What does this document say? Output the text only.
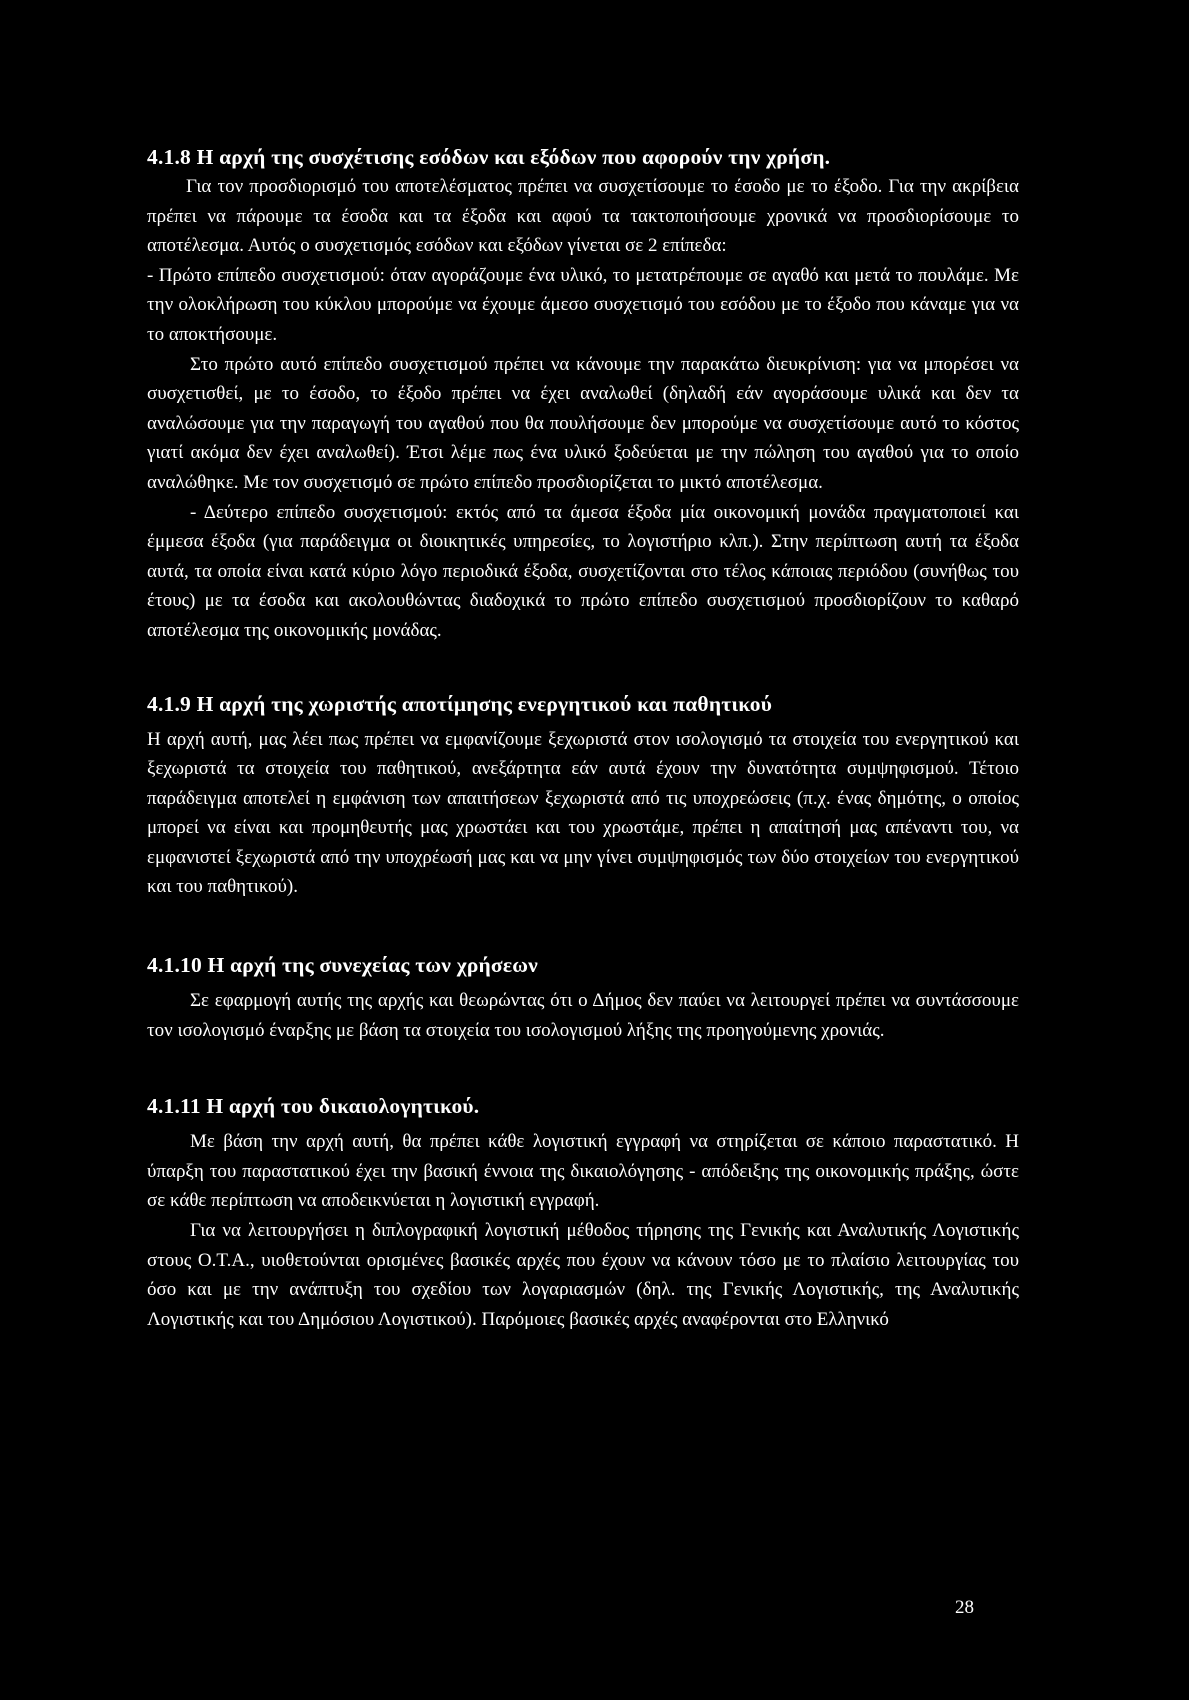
4.1.8 Η αρχή της συσχέτισης εσόδων και εξόδων που αφορούν την χρήση.

Για τον προσδιορισμό του αποτελέσματος πρέπει να συσχετίσουμε το έσοδο με το έξοδο. Για την ακρίβεια πρέπει να πάρουμε τα έσοδα και τα έξοδα και αφού τα τακτοποιήσουμε χρονικά να προσδιορίσουμε το αποτέλεσμα. Αυτός ο συσχετισμός εσόδων και εξόδων γίνεται σε 2 επίπεδα:

- Πρώτο επίπεδο συσχετισμού: όταν αγοράζουμε ένα υλικό, το μετατρέπουμε σε αγαθό και μετά το πουλάμε. Με την ολοκλήρωση του κύκλου μπορούμε να έχουμε άμεσο συσχετισμό του εσόδου με το έξοδο που κάναμε για να το αποκτήσουμε.

Στο πρώτο αυτό επίπεδο συσχετισμού πρέπει να κάνουμε την παρακάτω διευκρίνιση: για να μπορέσει να συσχετισθεί, με το έσοδο, το έξοδο πρέπει να έχει αναλωθεί (δηλαδή εάν αγοράσουμε υλικά και δεν τα αναλώσουμε για την παραγωγή του αγαθού που θα πουλήσουμε δεν μπορούμε να συσχετίσουμε αυτό το κόστος γιατί ακόμα δεν έχει αναλωθεί). Έτσι λέμε πως ένα υλικό ξοδεύεται με την πώληση του αγαθού για το οποίο αναλώθηκε. Με τον συσχετισμό σε πρώτο επίπεδο προσδιορίζεται το μικτό αποτέλεσμα.

- Δεύτερο επίπεδο συσχετισμού: εκτός από τα άμεσα έξοδα μία οικονομική μονάδα πραγματοποιεί και έμμεσα έξοδα (για παράδειγμα οι διοικητικές υπηρεσίες, το λογιστήριο κλπ.). Στην περίπτωση αυτή τα έξοδα αυτά, τα οποία είναι κατά κύριο λόγο περιοδικά έξοδα, συσχετίζονται στο τέλος κάποιας περιόδου (συνήθως του έτους) με τα έσοδα και ακολουθώντας διαδοχικά το πρώτο επίπεδο συσχετισμού προσδιορίζουν το καθαρό αποτέλεσμα της οικονομικής μονάδας.

4.1.9 Η αρχή της χωριστής αποτίμησης ενεργητικού και παθητικού

Η αρχή αυτή, μας λέει πως πρέπει να εμφανίζουμε ξεχωριστά στον ισολογισμό τα στοιχεία του ενεργητικού και ξεχωριστά τα στοιχεία του παθητικού, ανεξάρτητα εάν αυτά έχουν την δυνατότητα συμψηφισμού. Τέτοιο παράδειγμα αποτελεί η εμφάνιση των απαιτήσεων ξεχωριστά από τις υποχρεώσεις (π.χ. ένας δημότης, ο οποίος μπορεί να είναι και προμηθευτής μας χρωστάει και του χρωστάμε, πρέπει η απαίτησή μας απέναντι του, να εμφανιστεί ξεχωριστά από την υποχρέωσή μας και να μην γίνει συμψηφισμός των δύο στοιχείων του ενεργητικού και του παθητικού).

4.1.10 Η αρχή της συνεχείας των χρήσεων

Σε εφαρμογή αυτής της αρχής και θεωρώντας ότι ο Δήμος δεν παύει να λειτουργεί πρέπει να συντάσσουμε τον ισολογισμό έναρξης με βάση τα στοιχεία του ισολογισμού λήξης της προηγούμενης χρονιάς.

4.1.11 Η αρχή του δικαιολογητικού.

Με βάση την αρχή αυτή, θα πρέπει κάθε λογιστική εγγραφή να στηρίζεται σε κάποιο παραστατικό. Η ύπαρξη του παραστατικού έχει την βασική έννοια της δικαιολόγησης - απόδειξης της οικονομικής πράξης, ώστε σε κάθε περίπτωση να αποδεικνύεται η λογιστική εγγραφή.

Για να λειτουργήσει η διπλογραφική λογιστική μέθοδος τήρησης της Γενικής και Αναλυτικής Λογιστικής στους Ο.Τ.Α., υιοθετούνται ορισμένες βασικές αρχές που έχουν να κάνουν τόσο με το πλαίσιο λειτουργίας του όσο και με την ανάπτυξη του σχεδίου των λογαριασμών (δηλ. της Γενικής Λογιστικής, της Αναλυτικής Λογιστικής και του Δημόσιου Λογιστικού). Παρόμοιες βασικές αρχές αναφέρονται στο Ελληνικό

28
